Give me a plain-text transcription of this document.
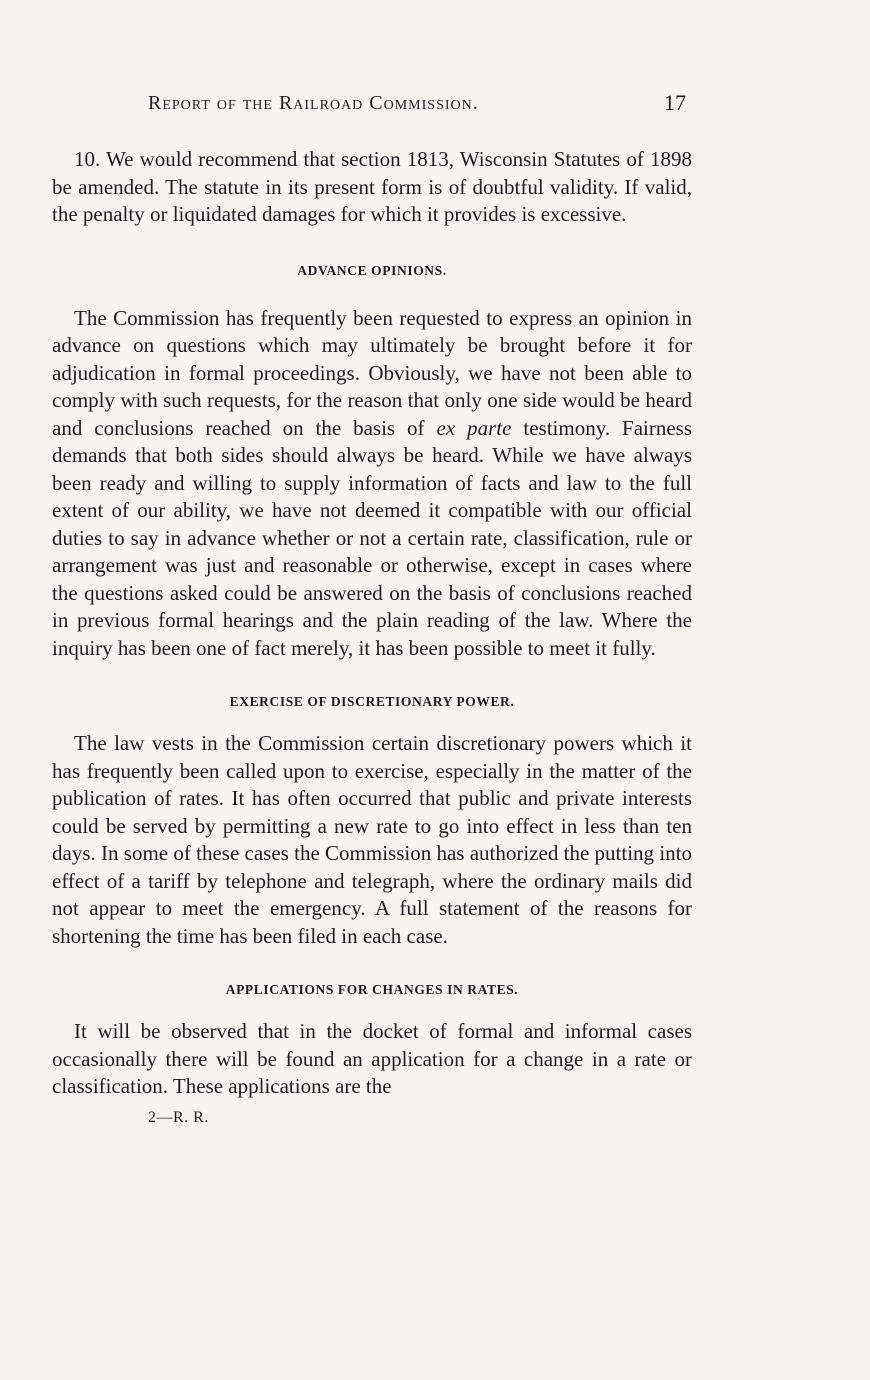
Report of the Railroad Commission.	17

10. We would recommend that section 1813, Wisconsin Statutes of 1898 be amended. The statute in its present form is of doubtful validity. If valid, the penalty or liquidated damages for which it provides is excessive.

ADVANCE OPINIONS.

The Commission has frequently been requested to express an opinion in advance on questions which may ultimately be brought before it for adjudication in formal proceedings. Obviously, we have not been able to comply with such requests, for the reason that only one side would be heard and conclusions reached on the basis of ex parte testimony. Fairness demands that both sides should always be heard. While we have always been ready and willing to supply information of facts and law to the full extent of our ability, we have not deemed it compatible with our official duties to say in advance whether or not a certain rate, classification, rule or arrangement was just and reasonable or otherwise, except in cases where the questions asked could be answered on the basis of conclusions reached in previous formal hearings and the plain reading of the law. Where the inquiry has been one of fact merely, it has been possible to meet it fully.

EXERCISE OF DISCRETIONARY POWER.

The law vests in the Commission certain discretionary powers which it has frequently been called upon to exercise, especially in the matter of the publication of rates. It has often occurred that public and private interests could be served by permitting a new rate to go into effect in less than ten days. In some of these cases the Commission has authorized the putting into effect of a tariff by telephone and telegraph, where the ordinary mails did not appear to meet the emergency. A full statement of the reasons for shortening the time has been filed in each case.

APPLICATIONS FOR CHANGES IN RATES.

It will be observed that in the docket of formal and informal cases occasionally there will be found an application for a change in a rate or classification. These applications are the

2—R. R.
